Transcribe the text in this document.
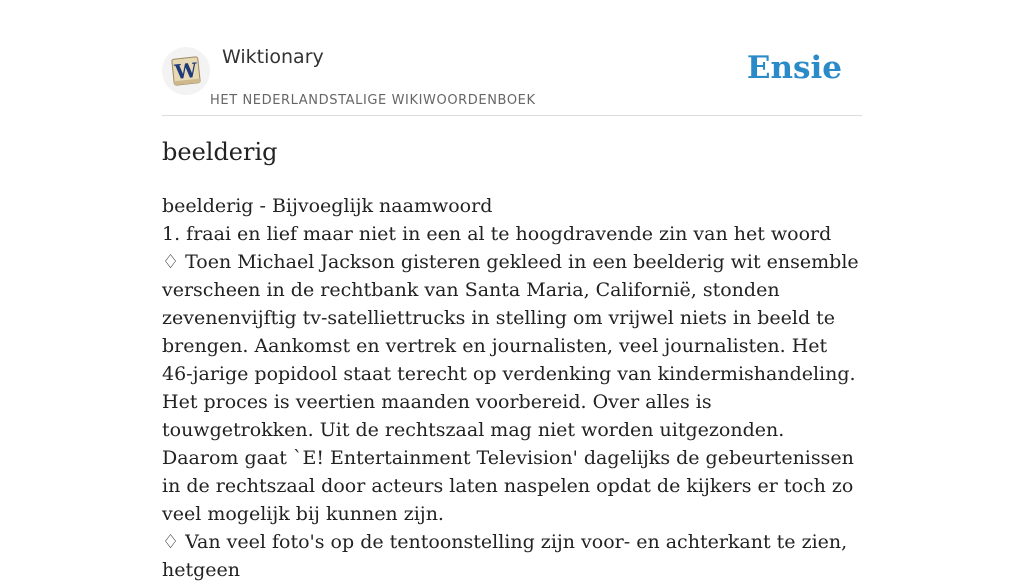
W
Wiktionary
HET NEDERLANDSTALIGE WIKIWOORDENBOEK
Ensie
beelderig

beelderig - Bijvoeglijk naamwoord

1. fraai en lief maar niet in een al te hoogdravende zin van het woord

♢ Toen Michael Jackson gisteren gekleed in een beelderig wit ensemble verscheen in de rechtbank van Santa Maria, Californië, stonden zevenenvijftig tv-satelliettrucks in stelling om vrijwel niets in beeld te brengen. Aankomst en vertrek en journalisten, veel journalisten. Het 46-jarige popidool staat terecht op verdenking van kindermishandeling. Het proces is veertien maanden voorbereid. Over alles is touwgetrokken. Uit de rechtszaal mag niet worden uitgezonden. Daarom gaat `E! Entertainment Television' dagelijks de gebeurtenissen in de rechtszaal door acteurs laten naspelen opdat de kijkers er toch zo veel mogelijk bij kunnen zijn.

♢ Van veel foto's op de tentoonstelling zijn voor- en achterkant te zien, hetgeen
